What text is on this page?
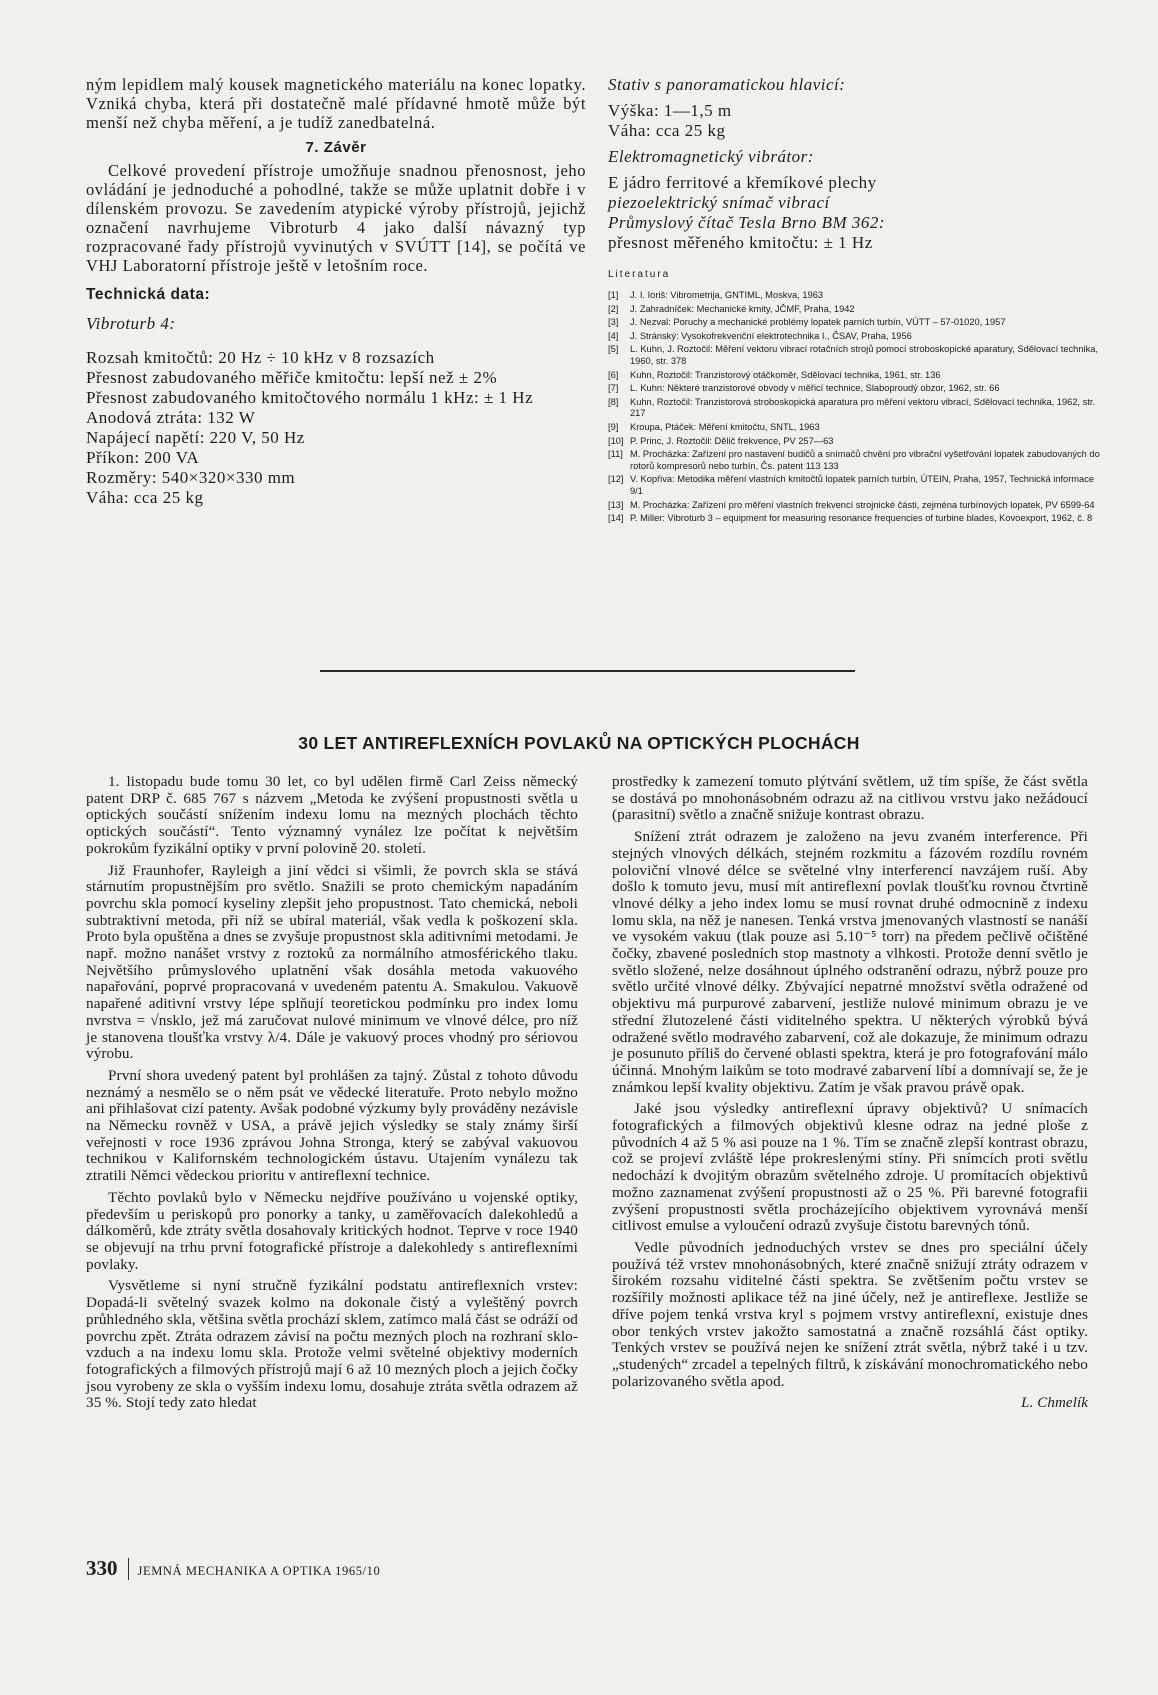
ným lepidlem malý kousek magnetického materiálu na konec lopatky. Vzniká chyba, která při dostatečně malé přídavné hmotě může být menší než chyba měření, a je tudíž zanedbatelná.

7. Závěr

Celkové provedení přístroje umožňuje snadnou přenosnost, jeho ovládání je jednoduché a pohodlné, takže se může uplatnit dobře i v dílenském provozu. Se zavedením atypické výroby přístrojů, jejichž označení navrhujeme Vibroturb 4 jako další návazný typ rozpracované řady přístrojů vyvinutých v SVÚTT [14], se počítá ve VHJ Laboratorní přístroje ještě v letošním roce.

Technická data:
Vibroturb 4:
Rozsah kmitočtů: 20 Hz ÷ 10 kHz v 8 rozsazích
Přesnost zabudovaného měřiče kmitočtu: lepší než ± 2%
Přesnost zabudovaného kmitočtového normálu 1 kHz: ± 1 Hz
Anodová ztráta: 132 W
Napájecí napětí: 220 V, 50 Hz
Příkon: 200 VA
Rozměry: 540×320×330 mm
Váha: cca 25 kg
Stativ s panoramatickou hlavicí:
Výška: 1—1,5 m
Váha: cca 25 kg
Elektromagnetický vibrátor:
E jádro ferritové a křemíkové plechy
piezoelektrický snímač vibrací
Průmyslový čítač Tesla Brno BM 362:
přesnost měřeného kmitočtu: ± 1 Hz
Literatura
[1]	J. I. Ioriš: Vibrometrija, GNTIML, Moskva, 1963
[2]	J. Zahradníček: Mechanické kmity, JČMF, Praha, 1942
[3]	J. Nezval: Poruchy a mechanické problémy lopatek parních turbín, VÚTT – 57-01020, 1957
[4]	J. Stránský: Vysokofrekvenční elektrotechnika I., ČSAV, Praha, 1956
[5]	L. Kuhn, J. Roztočil: Měření vektoru vibrací rotačních strojů pomocí stroboskopické aparatury, Sdělovací technika, 1960, str. 378
[6]	Kuhn, Roztočil: Tranzistorový otáčkoměr, Sdělovací technika, 1961, str. 136
[7]	L. Kuhn: Některé tranzistorové obvody v měřicí technice, Slaboproudý obzor, 1962, str. 66
[8]	Kuhn, Roztočil: Tranzistorová stroboskopická aparatura pro měření vektoru vibrací, Sdělovací technika, 1962, str. 217
[9]	Kroupa, Ptáček: Měření kmitočtu, SNTL, 1963
[10] P. Princ, J. Roztočil: Dělič frekvence, PV 257—63
[11] M. Procházka: Zařízení pro nastavení budičů a snímačů chvění pro vibrační vyšetřování lopatek zabudovaných do rotorů kompresorů nebo turbín, Čs. patent 113 133
[12] V. Kopřiva: Metodika měření vlastních kmitočtů lopatek parních turbín, ÚTEIN, Praha, 1957, Technická informace 9/1
[13] M. Procházka: Zařízení pro měření vlastních frekvencí strojnické části, zejména turbínových lopatek, PV 6599-64
[14] P. Miller: Vibroturb 3 – equipment for measuring resonance frequencies of turbine blades, Kovoexport, 1962, č. 8
30 LET ANTIREFLEXNÍCH POVLAKŮ NA OPTICKÝCH PLOCHÁCH

1. listopadu bude tomu 30 let, co byl udělen firmě Carl Zeiss německý patent DRP č. 685 767 s názvem „Metoda ke zvýšení propustnosti světla u optických součástí snížením indexu lomu na mezných plochách těchto optických součástí“. Tento významný vynález lze počítat k největším pokrokům fyzikální optiky v první polovině 20. století.

Již Fraunhofer, Rayleigh a jiní vědci si všimli, že povrch skla se stává stárnutím propustnějším pro světlo. Snažili se proto chemickým napadáním povrchu skla pomocí kyseliny zlepšit jeho propustnost. Tato chemická, neboli subtraktivní metoda, při níž se ubíral materiál, však vedla k poškození skla. Proto byla opuštěna a dnes se zvyšuje propustnost skla aditivními metodami. Je např. možno nanášet vrstvy z roztoků za normálního atmosférického tlaku. Největšího průmyslového uplatnění však dosáhla metoda vakuového napařování, poprvé propracovaná v uvedeném patentu A. Smakulou. Vakuově napařené aditivní vrstvy lépe splňují teoretickou podmínku pro index lomu nvrstva = √nsklo, jež má zaručovat nulové minimum ve vlnové délce, pro níž je stanovena tloušťka vrstvy λ/4. Dále je vakuový proces vhodný pro sériovou výrobu.

První shora uvedený patent byl prohlášen za tajný. Zůstal z tohoto důvodu neznámý a nesmělo se o něm psát ve vědecké literatuře. Proto nebylo možno ani přihlašovat cizí patenty. Avšak podobné výzkumy byly prováděny nezávisle na Německu rovněž v USA, a právě jejich výsledky se staly známy širší veřejnosti v roce 1936 zprávou Johna Stronga, který se zabýval vakuovou technikou v Kalifornském technologickém ústavu. Utajením vynálezu tak ztratili Němci vědeckou prioritu v antireflexní technice.

Těchto povlaků bylo v Německu nejdříve používáno u vojenské optiky, především u periskopů pro ponorky a tanky, u zaměřovacích dalekohledů a dálkoměrů, kde ztráty světla dosahovaly kritických hodnot. Teprve v roce 1940 se objevují na trhu první fotografické přístroje a dalekohledy s antireflexními povlaky.

Vysvětleme si nyní stručně fyzikální podstatu antireflexních vrstev: Dopadá-li světelný svazek kolmo na dokonale čistý a vyleštěný povrch průhledného skla, většina světla prochází sklem, zatímco malá část se odráží od povrchu zpět. Ztráta odrazem závisí na počtu mezných ploch na rozhraní sklo-vzduch a na indexu lomu skla. Protože velmi světelné objektivy moderních fotografických a filmových přístrojů mají 6 až 10 mezných ploch a jejich čočky jsou vyrobeny ze skla o vyšším indexu lomu, dosahuje ztráta světla odrazem až 35 %. Stojí tedy zato hledat

prostředky k zamezení tomuto plýtvání světlem, už tím spíše, že část světla se dostává po mnohonásobném odrazu až na citlivou vrstvu jako nežádoucí (parasitní) světlo a značně snižuje kontrast obrazu.

Snížení ztrát odrazem je založeno na jevu zvaném interference. Při stejných vlnových délkách, stejném rozkmitu a fázovém rozdílu rovném poloviční vlnové délce se světelné vlny interferencí navzájem ruší. Aby došlo k tomuto jevu, musí mít antireflexní povlak tloušťku rovnou čtvrtině vlnové délky a jeho index lomu se musí rovnat druhé odmocnině z indexu lomu skla, na něž je nanesen. Tenká vrstva jmenovaných vlastností se nanáší ve vysokém vakuu (tlak pouze asi 5.10⁻⁵ torr) na předem pečlivě očištěné čočky, zbavené posledních stop mastnoty a vlhkosti. Protože denní světlo je světlo složené, nelze dosáhnout úplného odstranění odrazu, nýbrž pouze pro světlo určité vlnové délky. Zbývající nepatrné množství světla odražené od objektivu má purpurové zabarvení, jestliže nulové minimum obrazu je ve střední žlutozelené části viditelného spektra. U některých výrobků bývá odražené světlo modravého zabarvení, což ale dokazuje, že minimum odrazu je posunuto příliš do červené oblasti spektra, která je pro fotografování málo účinná. Mnohým laikům se toto modravé zabarvení líbí a domnívají se, že je známkou lepší kvality objektivu. Zatím je však pravou právě opak.

Jaké jsou výsledky antireflexní úpravy objektivů? U snímacích fotografických a filmových objektivů klesne odraz na jedné ploše z původních 4 až 5 % asi pouze na 1 %. Tím se značně zlepší kontrast obrazu, což se projeví zvláště lépe prokreslenými stíny. Při snímcích proti světlu nedochází k dvojitým obrazům světelného zdroje. U promítacích objektivů možno zaznamenat zvýšení propustnosti až o 25 %. Při barevné fotografii zvýšení propustnosti světla procházejícího objektivem vyrovnává menší citlivost emulse a vyloučení odrazů zvyšuje čistotu barevných tónů.

Vedle původních jednoduchých vrstev se dnes pro speciální účely používá též vrstev mnohonásobných, které značně snižují ztráty odrazem v širokém rozsahu viditelné části spektra. Se zvětšením počtu vrstev se rozšířily možnosti aplikace též na jiné účely, než je antireflexe. Jestliže se dříve pojem tenká vrstva kryl s pojmem vrstvy antireflexní, existuje dnes obor tenkých vrstev jakožto samostatná a značně rozsáhlá část optiky. Tenkých vrstev se používá nejen ke snížení ztrát světla, nýbrž také i u tzv. „studených“ zrcadel a tepelných filtrů, k získávání monochromatického nebo polarizovaného světla apod.

L. Chmelík
330 JEMNÁ MECHANIKA A OPTIKA 1965/10
